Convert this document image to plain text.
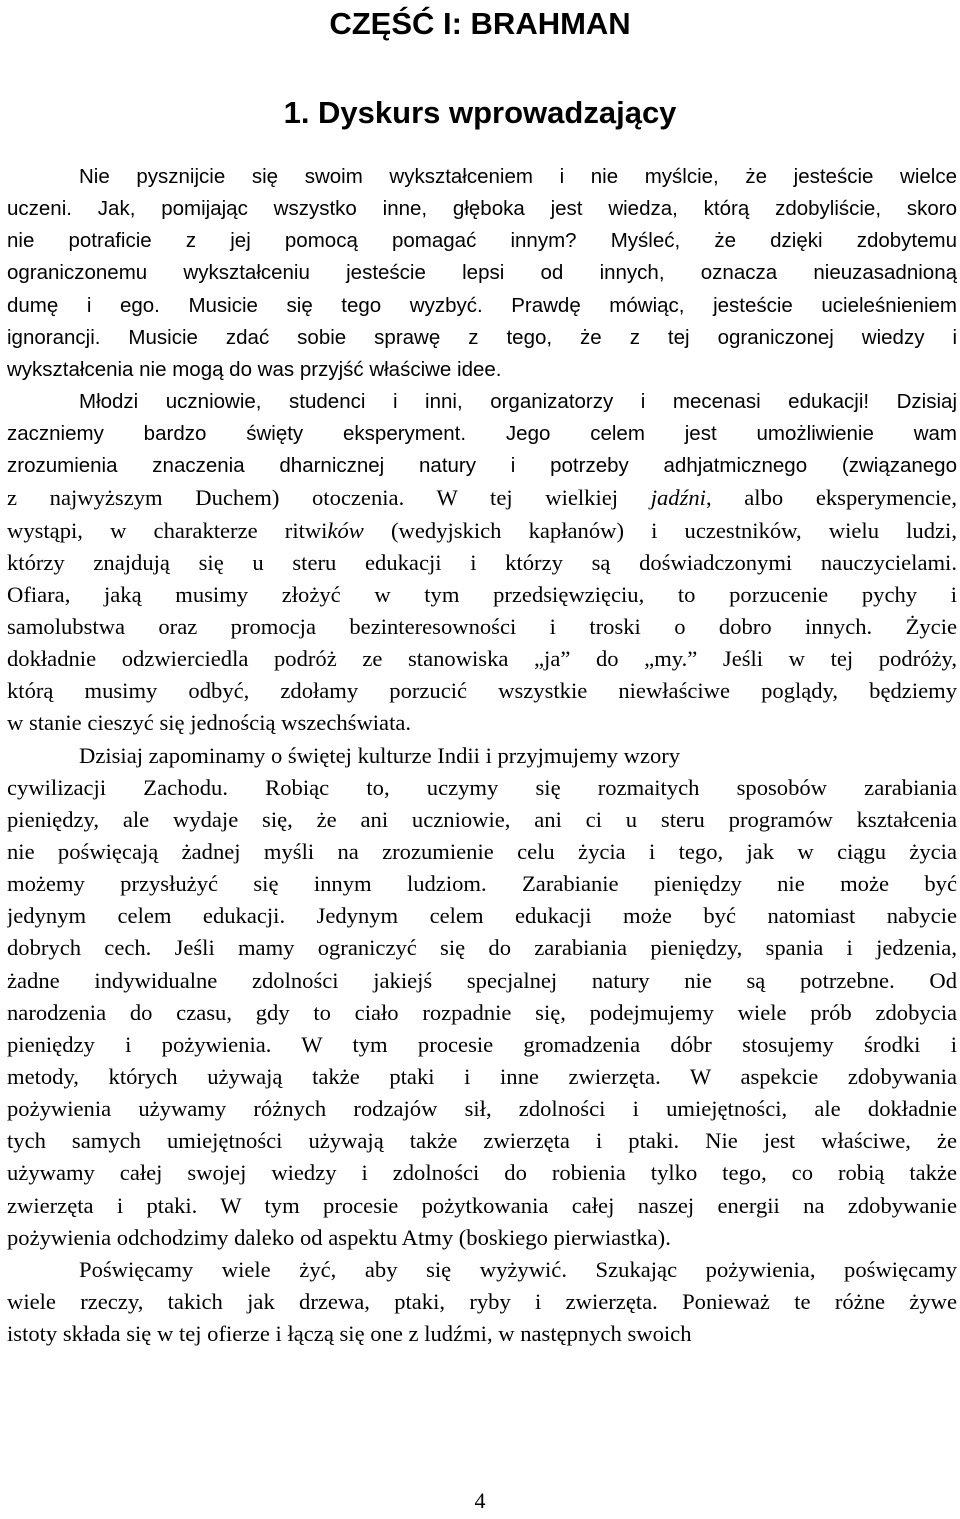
CZĘŚĆ I: BRAHMAN
1. Dyskurs wprowadzający
Nie pysznijcie się swoim wykształceniem i nie myślcie, że jesteście wielce
uczeni. Jak, pomijając wszystko inne, głęboka jest wiedza, którą zdobyliście, skoro
nie potraficie z jej pomocą pomagać innym? Myśleć, że dzięki zdobytemu
ograniczonemu wykształceniu jesteście lepsi od innych, oznacza nieuzasadnioną
dumę i ego. Musicie się tego wyzbyć. Prawdę mówiąc, jesteście ucieleśnieniem
ignorancji. Musicie zdać sobie sprawę z tego, że z tej ograniczonej wiedzy i
wykształcenia nie mogą do was przyjść właściwe idee.
Młodzi uczniowie, studenci i inni, organizatorzy i mecenasi edukacji! Dzisiaj
zaczniemy bardzo święty eksperyment. Jego celem jest umożliwienie wam
zrozumienia znaczenia dharnicznej natury i potrzeby adhjatmicznego (związanego
z najwyższym Duchem) otoczenia. W tej wielkiej jadźni, albo eksperymencie,
wystąpi, w charakterze ritwików (wedyjskich kapłanów) i uczestników, wielu ludzi,
którzy znajdują się u steru edukacji i którzy są doświadczonymi nauczycielami.
Ofiara, jaką musimy złożyć w tym przedsięwzięciu, to porzucenie pychy i
samolubstwa oraz promocja bezinteresowności i troski o dobro innych. Życie
dokładnie odzwierciedla podróż ze stanowiska „ja” do „my.” Jeśli w tej podróży,
którą musimy odbyć, zdołamy porzucić wszystkie niewłaściwe poglądy, będziemy
w stanie cieszyć się jednością wszechświata.
Dzisiaj zapominamy o świętej kulturze Indii i przyjmujemy wzory
cywilizacji Zachodu. Robiąc to, uczymy się rozmaitych sposobów zarabiania
pieniędzy, ale wydaje się, że ani uczniowie, ani ci u steru programów kształcenia
nie poświęcają żadnej myśli na zrozumienie celu życia i tego, jak w ciągu życia
możemy przysłużyć się innym ludziom. Zarabianie pieniędzy nie może być
jedynym celem edukacji. Jedynym celem edukacji może być natomiast nabycie
dobrych cech. Jeśli mamy ograniczyć się do zarabiania pieniędzy, spania i jedzenia,
żadne indywidualne zdolności jakiejś specjalnej natury nie są potrzebne. Od
narodzenia do czasu, gdy to ciało rozpadnie się, podejmujemy wiele prób zdobycia
pieniędzy i pożywienia. W tym procesie gromadzenia dóbr stosujemy środki i
metody, których używają także ptaki i inne zwierzęta. W aspekcie zdobywania
pożywienia używamy różnych rodzajów sił, zdolności i umiejętności, ale dokładnie
tych samych umiejętności używają także zwierzęta i ptaki. Nie jest właściwe, że
używamy całej swojej wiedzy i zdolności do robienia tylko tego, co robią także
zwierzęta i ptaki. W tym procesie pożytkowania całej naszej energii na zdobywanie
pożywienia odchodzimy daleko od aspektu Atmy (boskiego pierwiastka).
Poświęcamy wiele żyć, aby się wyżywić. Szukając pożywienia, poświęcamy
wiele rzeczy, takich jak drzewa, ptaki, ryby i zwierzęta. Ponieważ te różne żywe
istoty składa się w tej ofierze i łączą się one z ludźmi, w następnych swoich
4
